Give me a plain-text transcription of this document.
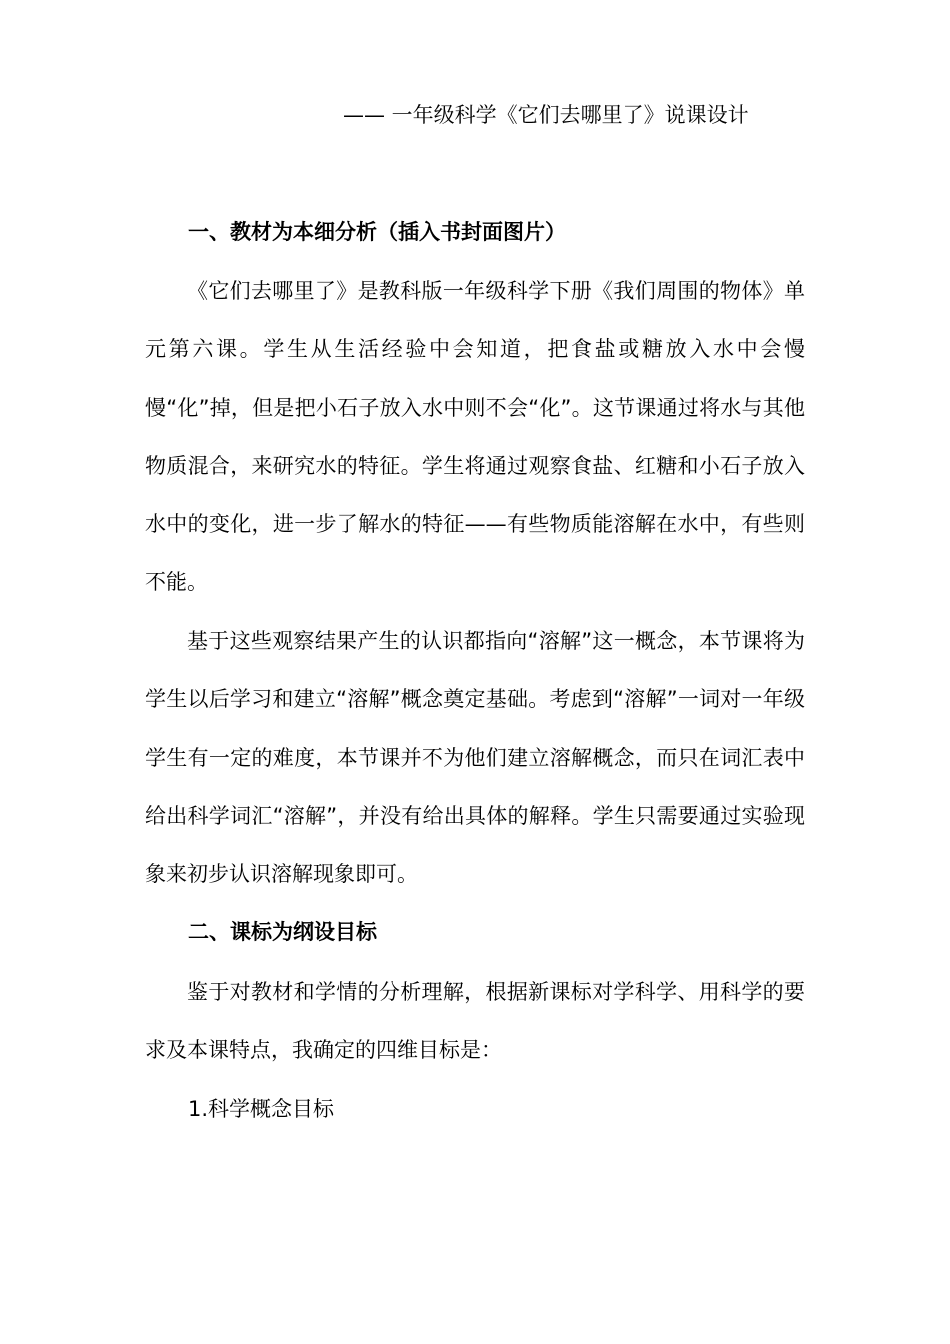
—— 一年级科学《它们去哪里了》说课设计
一、教材为本细分析（插入书封面图片）

《它们去哪里了》是教科版一年级科学下册《我们周围的物体》单元第六课。学生从生活经验中会知道，把食盐或糖放入水中会慢慢“化”掉，但是把小石子放入水中则不会“化”。这节课通过将水与其他物质混合，来研究水的特征。学生将通过观察食盐、红糖和小石子放入水中的变化，进一步了解水的特征——有些物质能溶解在水中，有些则不能。

基于这些观察结果产生的认识都指向“溶解”这一概念，本节课将为学生以后学习和建立“溶解”概念奠定基础。考虑到“溶解”一词对一年级学生有一定的难度，本节课并不为他们建立溶解概念，而只在词汇表中给出科学词汇“溶解”，并没有给出具体的解释。学生只需要通过实验现象来初步认识溶解现象即可。

二、课标为纲设目标

鉴于对教材和学情的分析理解，根据新课标对学科学、用科学的要求及本课特点，我确定的四维目标是：

1.科学概念目标
